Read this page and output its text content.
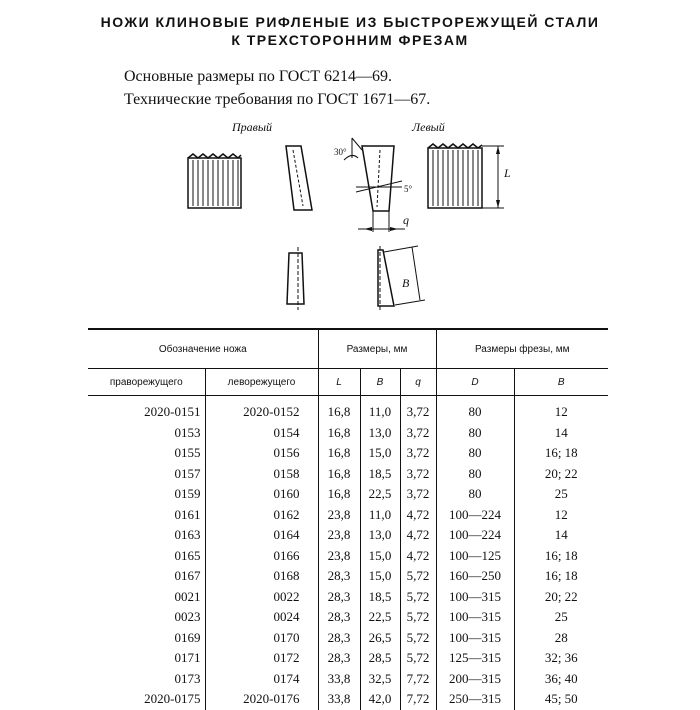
НОЖИ КЛИНОВЫЕ РИФЛЕНЫЕ ИЗ БЫСТРОРЕЖУЩЕЙ СТАЛИ
К ТРЕХСТОРОННИМ ФРЕЗАМ
Основные размеры по ГОСТ 6214—69.
Технические требования по ГОСТ 1671—67.
Правый	Левый
30°
5°
L
q
B
Обозначение ножа		Размеры, мм			Размеры фрезы, мм	
праворежущего	леворежущего	L	B	q	D	B
2020-0151	2020-0152	16,8	11,0	3,72	80	12
0153	0154	16,8	13,0	3,72	80	14
0155	0156	16,8	15,0	3,72	80	16; 18
0157	0158	16,8	18,5	3,72	80	20; 22
0159	0160	16,8	22,5	3,72	80	25
0161	0162	23,8	11,0	4,72	100—224	12
0163	0164	23,8	13,0	4,72	100—224	14
0165	0166	23,8	15,0	4,72	100—125	16; 18
0167	0168	28,3	15,0	5,72	160—250	16; 18
0021	0022	28,3	18,5	5,72	100—315	20; 22
0023	0024	28,3	22,5	5,72	100—315	25
0169	0170	28,3	26,5	5,72	100—315	28
0171	0172	28,3	28,5	5,72	125—315	32; 36
0173	0174	33,8	32,5	7,72	200—315	36; 40
2020-0175	2020-0176	33,8	42,0	7,72	250—315	45; 50
